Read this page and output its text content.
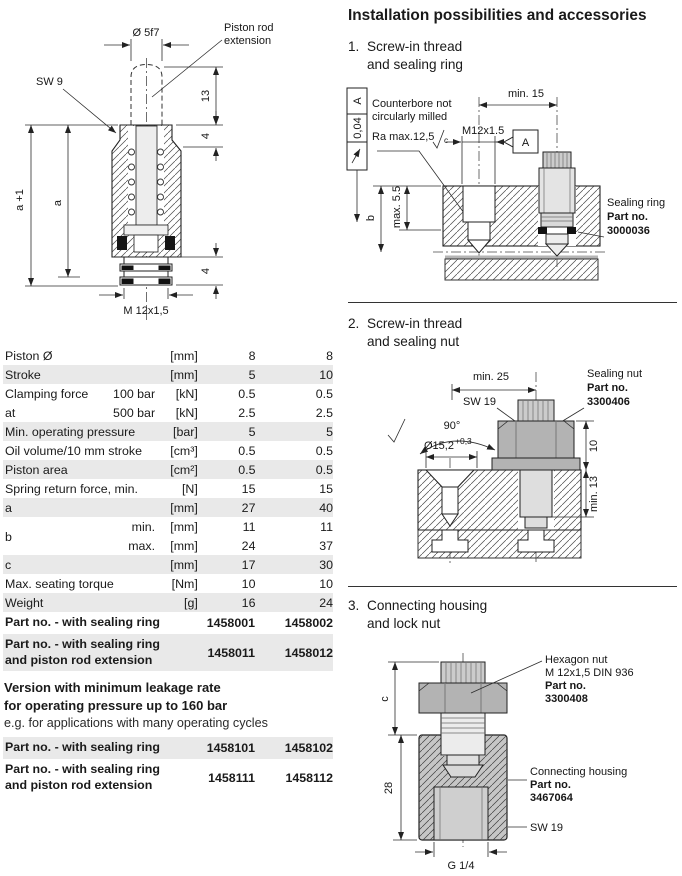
Ø 5f7	Piston rod
extension
SW 9
13
4
4
a +1 a
M 12x1,5
Piston Ø	[mm]	8	8
Stroke	[mm]	5	10
Clamping force 100 bar	[kN]	0.5	0.5
at	500 bar	[kN]	2.5	2.5
Min. operating pressure	[bar]	5	5
Oil volume/10 mm stroke	[cm³]	0.5	0.5
Piston area	[cm²]	0.5	0.5
Spring return force, min.	[N]	15	15
a	[mm]	27	40
b
min.	[mm]	11	11
max.	[mm]	24	37
c	[mm]	17	30
Max. seating torque	[Nm]	10	10
Weight	[g]	16	24
Part no. - with sealing ring	1458001	1458002
Part no. - with sealing ring
and piston rod extension	1458011	1458012
Version with minimum leakage rate
for operating pressure up to 160 bar
e.g. for applications with many operating cycles
Part no. - with sealing ring	1458101	1458102
Part no. - with sealing ring
and piston rod extension	1458111	1458112
Installation possibilities and accessories
1. Screw-in thread
and sealing ring
A
0,04
Counterbore not
circularly milled
Ra max.12,5 c
M12x1.5
A
min. 15
Sealing ring
Part no.
3000036
b max. 5.5
2. Screw-in thread
and sealing nut
min. 25
SW 19
Sealing nut
Part no.
3300406
90°
Ø15,2 +0,3	10
min. 13
3. Connecting housing
and lock nut
c
28
G 1/4
Hexagon nut
M 12x1,5 DIN 936
Part no.
3300408
Connecting housing
Part no.
3467064
SW 19
